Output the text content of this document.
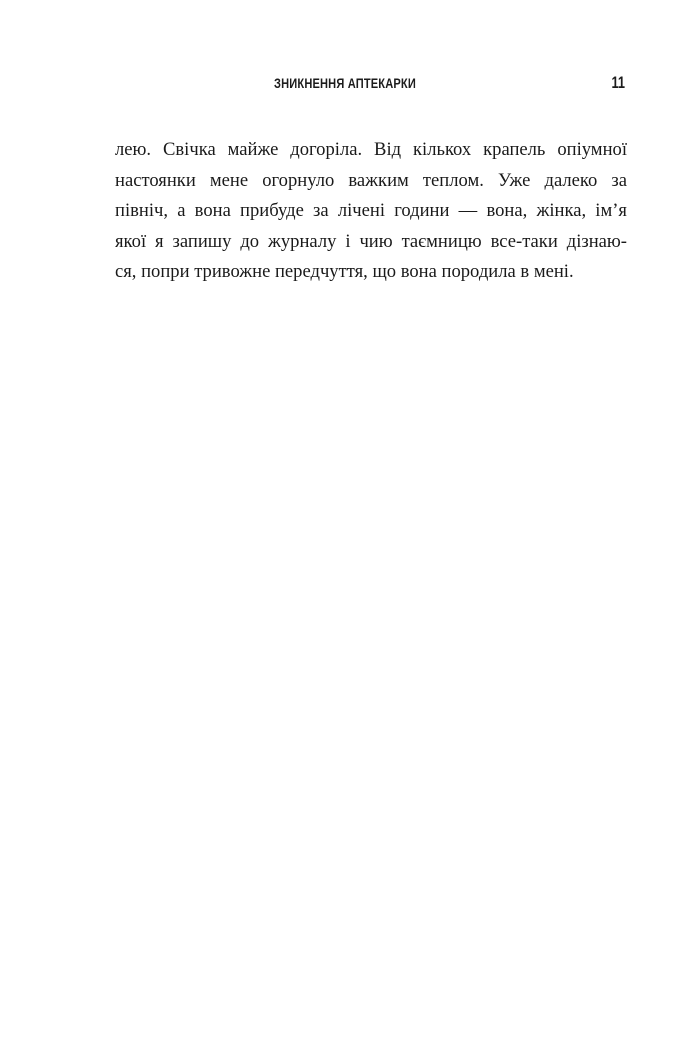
ЗНИКНЕННЯ АПТЕКАРКИ	11
лею. Свічка майже догоріла. Від кількох крапель опіумної
настоянки мене огорнуло важким теплом. Уже далеко за
північ, а вона прибуде за лічені години — вона, жінка, ім’я
якої я запишу до журналу і чию таємницю все-таки дізнаю-
ся, попри тривожне передчуття, що вона породила в мені.
